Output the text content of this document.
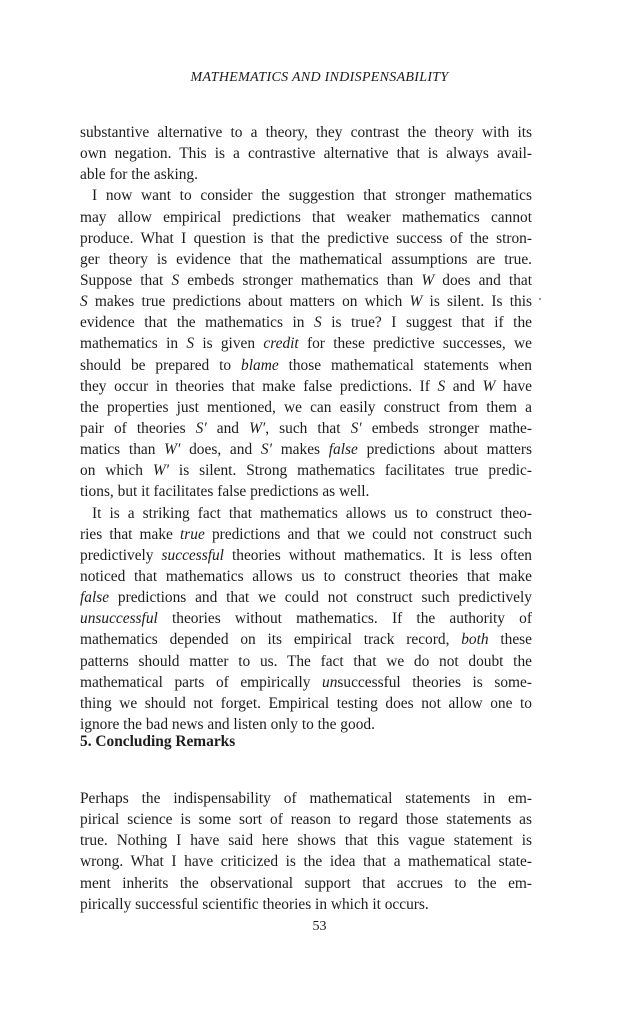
MATHEMATICS AND INDISPENSABILITY
substantive alternative to a theory, they contrast the theory with its
own negation. This is a contrastive alternative that is always avail-
able for the asking.
I now want to consider the suggestion that stronger mathematics
may allow empirical predictions that weaker mathematics cannot
produce. What I question is that the predictive success of the stron-
ger theory is evidence that the mathematical assumptions are true.
Suppose that S embeds stronger mathematics than W does and that
S makes true predictions about matters on which W is silent. Is this
evidence that the mathematics in S is true? I suggest that if the
mathematics in S is given credit for these predictive successes, we
should be prepared to blame those mathematical statements when
they occur in theories that make false predictions. If S and W have
the properties just mentioned, we can easily construct from them a
pair of theories S′ and W′, such that S′ embeds stronger mathe-
matics than W′ does, and S′ makes false predictions about matters
on which W′ is silent. Strong mathematics facilitates true predic-
tions, but it facilitates false predictions as well.
It is a striking fact that mathematics allows us to construct theo-
ries that make true predictions and that we could not construct such
predictively successful theories without mathematics. It is less often
noticed that mathematics allows us to construct theories that make
false predictions and that we could not construct such predictively
unsuccessful theories without mathematics. If the authority of
mathematics depended on its empirical track record, both these
patterns should matter to us. The fact that we do not doubt the
mathematical parts of empirically unsuccessful theories is some-
thing we should not forget. Empirical testing does not allow one to
ignore the bad news and listen only to the good.
5. Concluding Remarks
Perhaps the indispensability of mathematical statements in em-
pirical science is some sort of reason to regard those statements as
true. Nothing I have said here shows that this vague statement is
wrong. What I have criticized is the idea that a mathematical state-
ment inherits the observational support that accrues to the em-
pirically successful scientific theories in which it occurs.
53
